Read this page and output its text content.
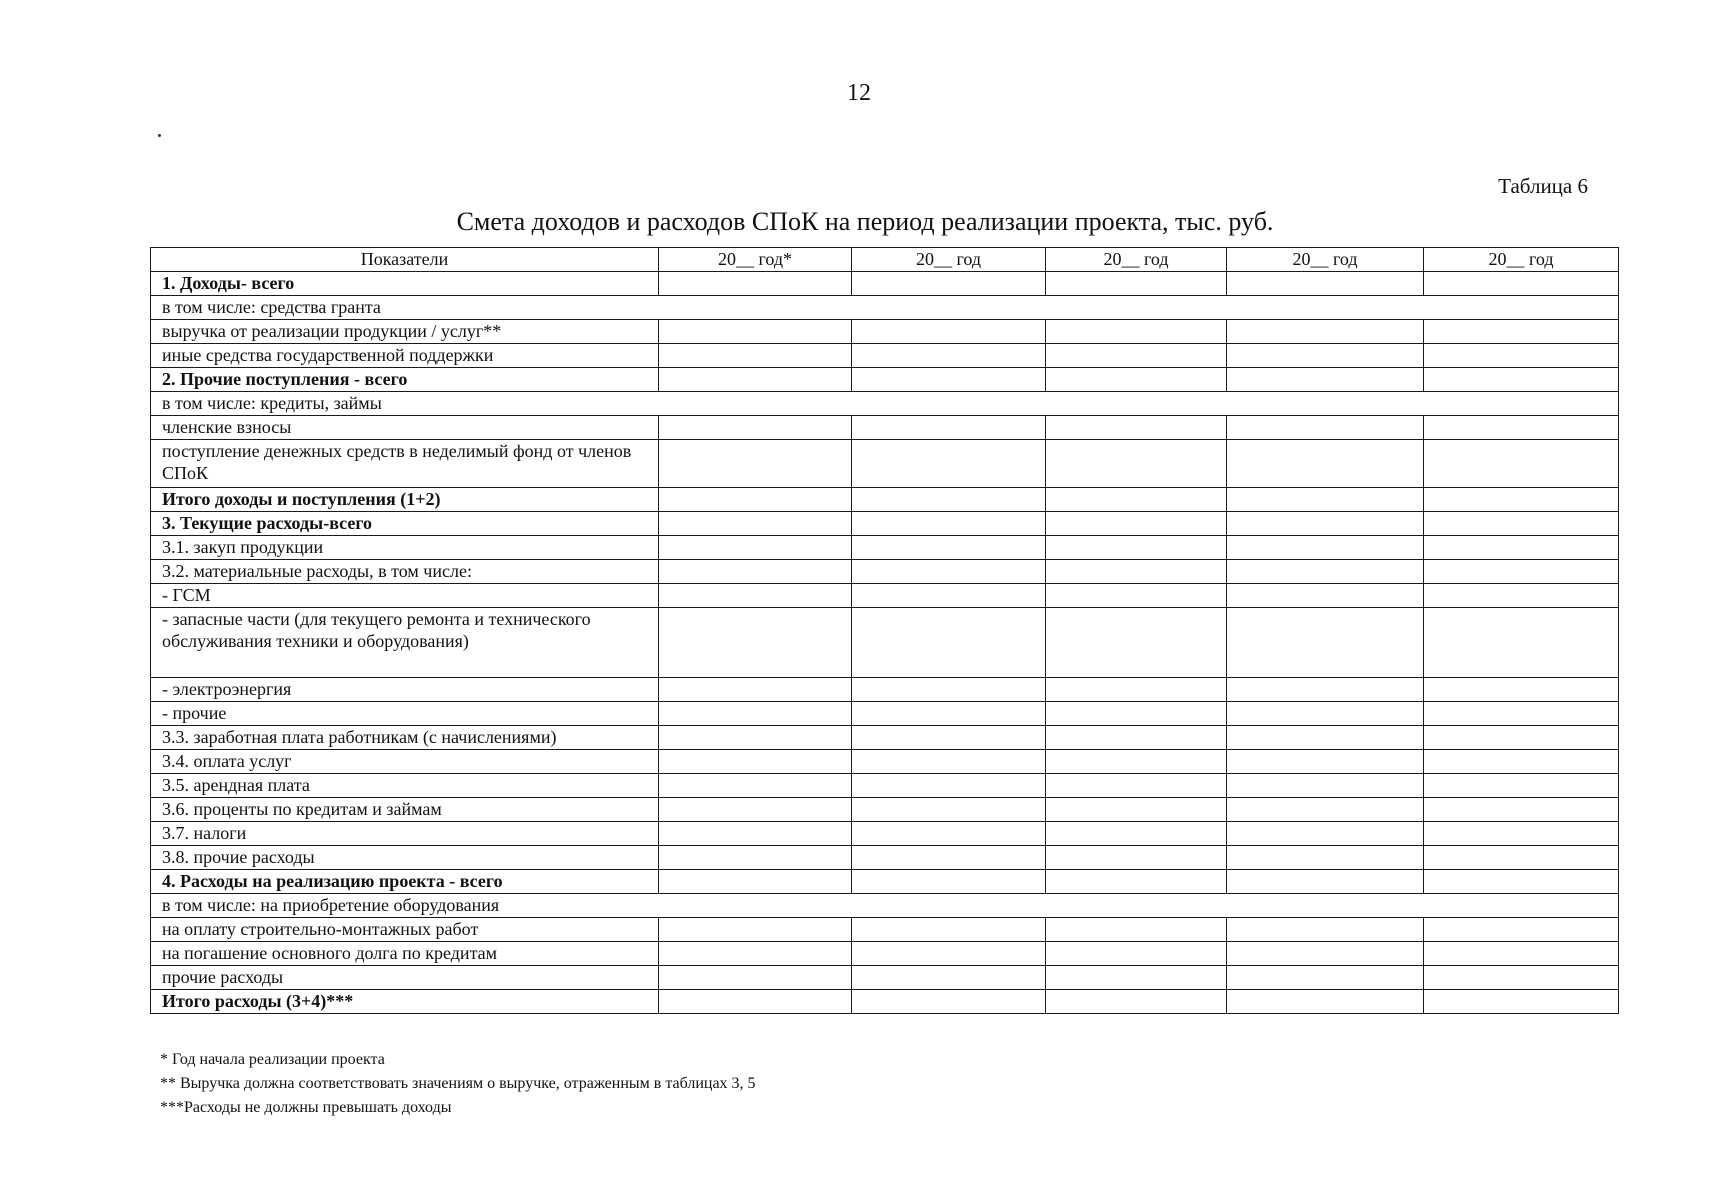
12
Таблица 6
Смета доходов и расходов СПоК на период реализации проекта, тыс. руб.
Показатели	20__ год*	20__ год	20__ год	20__ год	20__ год
1. Доходы- всего					
в том числе: средства гранта					
выручка от реализации продукции / услуг**					
иные средства государственной поддержки					
2. Прочие поступления - всего					
в том числе: кредиты, займы					
членские взносы					
поступление денежных средств в неделимый фонд от членов СПоК					
Итого доходы и поступления (1+2)					
3. Текущие расходы-всего					
3.1. закуп продукции					
3.2. материальные расходы, в том числе:					
- ГСМ					
- запасные части (для текущего ремонта и технического обслуживания техники и оборудования)					
- электроэнергия					
- прочие					
3.3. заработная плата работникам (с начислениями)					
3.4. оплата услуг					
3.5. арендная плата					
3.6. проценты по кредитам и займам					
3.7. налоги					
3.8. прочие расходы					
4. Расходы на реализацию проекта - всего					
в том числе: на приобретение оборудования					
на оплату строительно-монтажных работ					
на погашение основного долга по кредитам					
прочие расходы					
Итого расходы (3+4)***					
* Год начала реализации проекта
** Выручка должна соответствовать значениям о выручке, отраженным в таблицах 3, 5
***Расходы не должны превышать доходы
